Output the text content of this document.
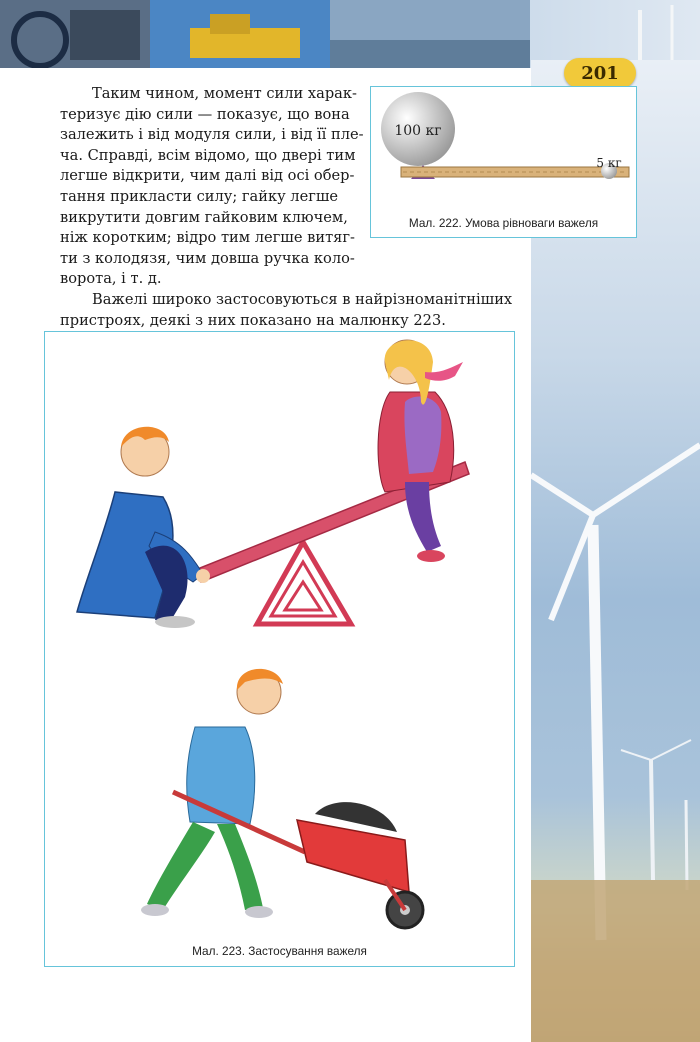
201
Таким чином, момент сили харак-
теризує дію сили — показує, що вона
залежить і від модуля сили, і від її пле-
ча. Справді, всім відомо, що двері тим
легше відкрити, чим далі від осі обер-
тання прикласти силу; гайку легше
викрутити довгим гайковим ключем,
ніж коротким; відро тим легше витяг-
ти з колодязя, чим довша ручка коло-
ворота, і т. д.
Важелі широко застосовуються в найрізноманітніших
пристроях, деякі з них показано на малюнку 223.
100 кг
5 кг
Мал. 222. Умова рівноваги важеля
Мал. 223. Застосування важеля
